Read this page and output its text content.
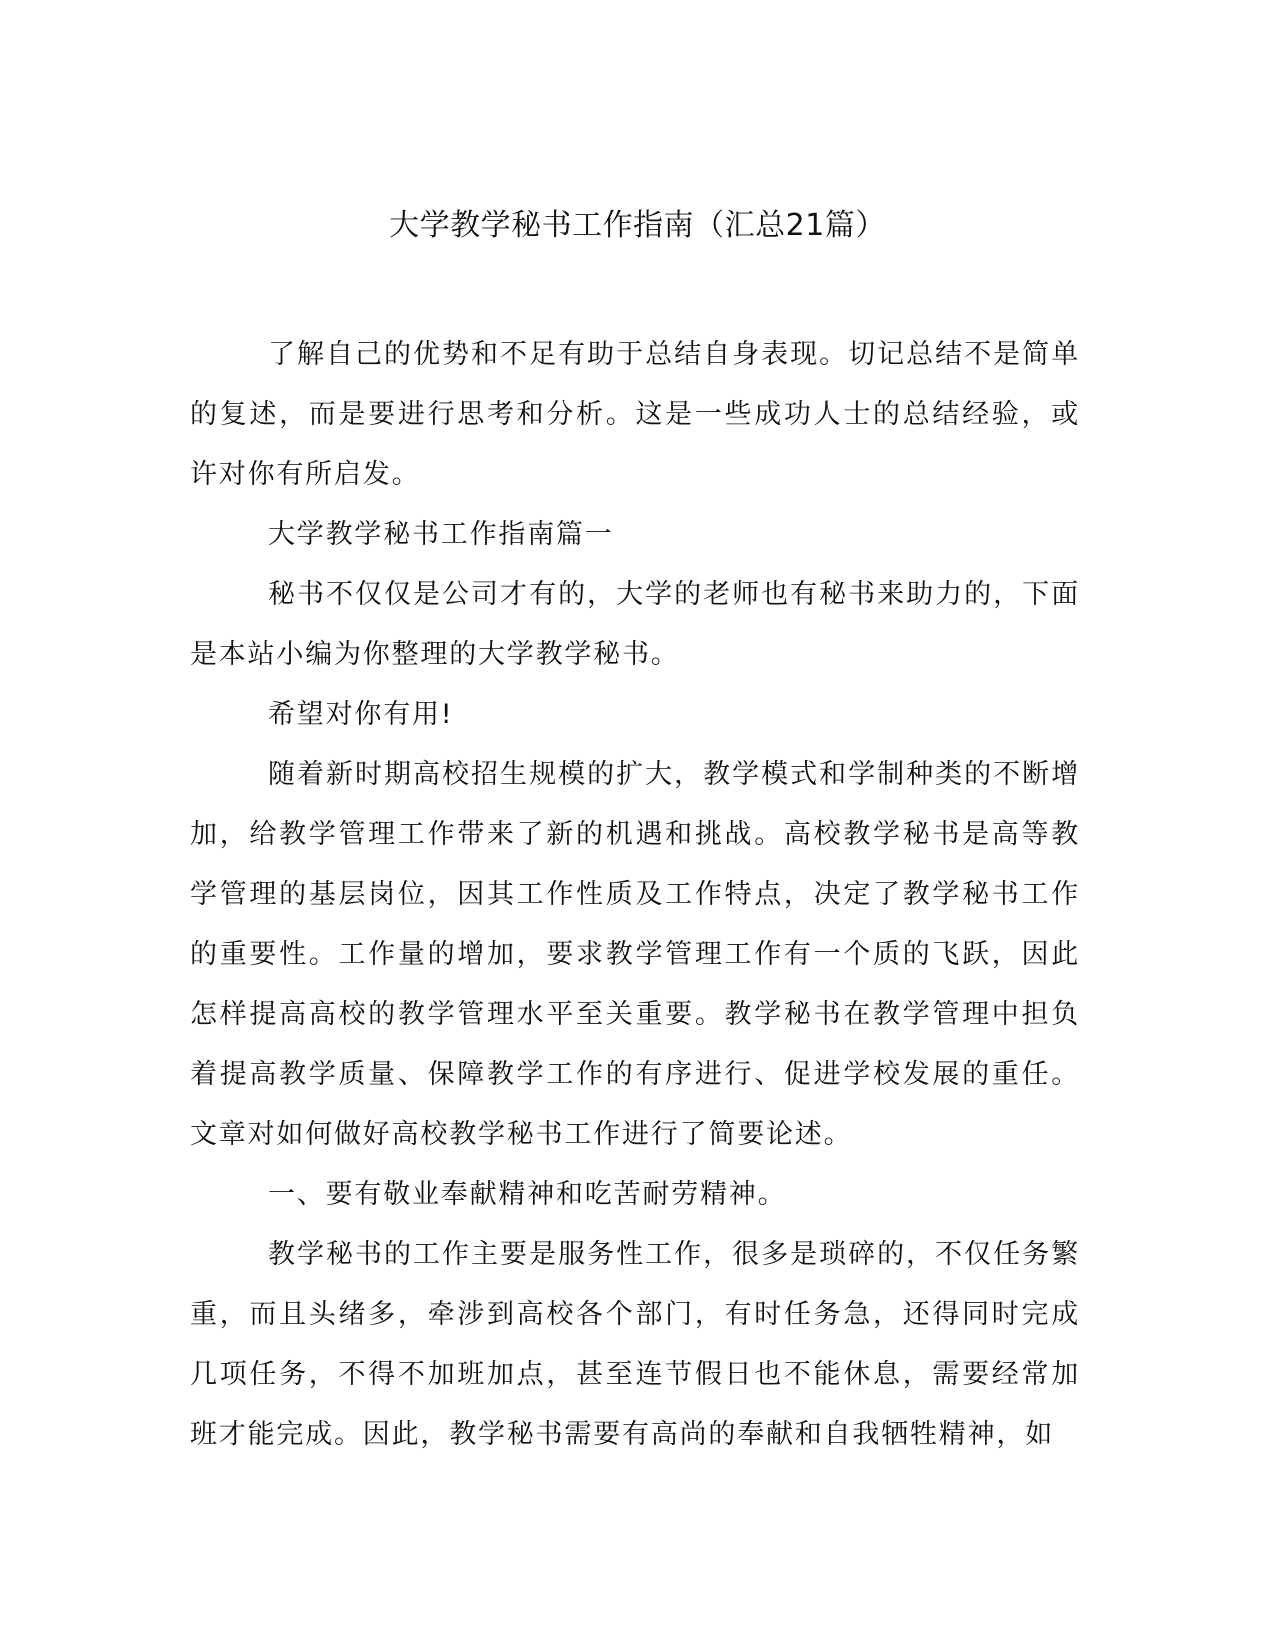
大学教学秘书工作指南（汇总21篇）

了解自己的优势和不足有助于总结自身表现。切记总结不是简单的复述，而是要进行思考和分析。这是一些成功人士的总结经验，或许对你有所启发。

大学教学秘书工作指南篇一

秘书不仅仅是公司才有的，大学的老师也有秘书来助力的，下面是本站小编为你整理的大学教学秘书。

希望对你有用!

随着新时期高校招生规模的扩大，教学模式和学制种类的不断增加，给教学管理工作带来了新的机遇和挑战。高校教学秘书是高等教学管理的基层岗位，因其工作性质及工作特点，决定了教学秘书工作的重要性。工作量的增加，要求教学管理工作有一个质的飞跃，因此怎样提高高校的教学管理水平至关重要。教学秘书在教学管理中担负着提高教学质量、保障教学工作的有序进行、促进学校发展的重任。文章对如何做好高校教学秘书工作进行了简要论述。

一、要有敬业奉献精神和吃苦耐劳精神。

教学秘书的工作主要是服务性工作，很多是琐碎的，不仅任务繁重，而且头绪多，牵涉到高校各个部门，有时任务急，还得同时完成几项任务，不得不加班加点，甚至连节假日也不能休息，需要经常加班才能完成。因此，教学秘书需要有高尚的奉献和自我牺牲精神，如
